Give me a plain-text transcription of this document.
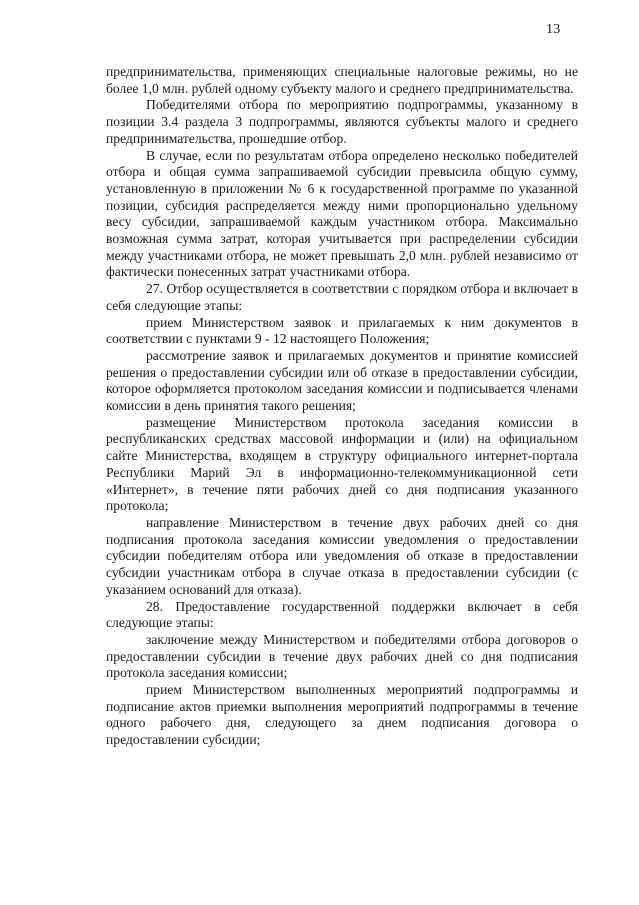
13

предпринимательства, применяющих специальные налоговые режимы, но не более 1,0 млн. рублей одному субъекту малого и среднего предпринимательства.

Победителями отбора по мероприятию подпрограммы, указанному в позиции 3.4 раздела 3 подпрограммы, являются субъекты малого и среднего предпринимательства, прошедшие отбор.

В случае, если по результатам отбора определено несколько победителей отбора и общая сумма запрашиваемой субсидии превысила общую сумму, установленную в приложении № 6 к государственной программе по указанной позиции, субсидия распределяется между ними пропорционально удельному весу субсидии, запрашиваемой каждым участником отбора. Максимально возможная сумма затрат, которая учитывается при распределении субсидии между участниками отбора, не может превышать 2,0 млн. рублей независимо от фактически понесенных затрат участниками отбора.

27. Отбор осуществляется в соответствии с порядком отбора и включает в себя следующие этапы:

прием Министерством заявок и прилагаемых к ним документов в соответствии с пунктами 9 - 12 настоящего Положения;

рассмотрение заявок и прилагаемых документов и принятие комиссией решения о предоставлении субсидии или об отказе в предоставлении субсидии, которое оформляется протоколом заседания комиссии и подписывается членами комиссии в день принятия такого решения;

размещение Министерством протокола заседания комиссии в республиканских средствах массовой информации и (или) на официальном сайте Министерства, входящем в структуру официального интернет-портала Республики Марий Эл в информационно-телекоммуникационной сети «Интернет», в течение пяти рабочих дней со дня подписания указанного протокола;

направление Министерством в течение двух рабочих дней со дня подписания протокола заседания комиссии уведомления о предоставлении субсидии победителям отбора или уведомления об отказе в предоставлении субсидии участникам отбора в случае отказа в предоставлении субсидии (с указанием оснований для отказа).

28. Предоставление государственной поддержки включает в себя следующие этапы:

заключение между Министерством и победителями отбора договоров о предоставлении субсидии в течение двух рабочих дней со дня подписания протокола заседания комиссии;

прием Министерством выполненных мероприятий подпрограммы и подписание актов приемки выполнения мероприятий подпрограммы в течение одного рабочего дня, следующего за днем подписания договора о предоставлении субсидии;
